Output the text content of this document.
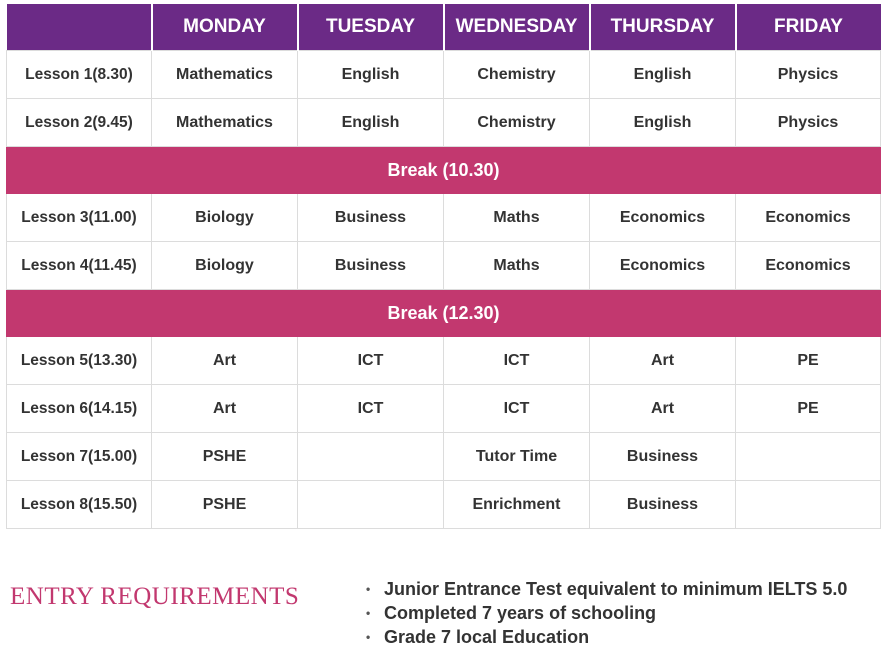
	MONDAY	TUESDAY	WEDNESDAY	THURSDAY	FRIDAY
Lesson 1(8.30)	Mathematics	English	Chemistry	English	Physics
Lesson 2(9.45)	Mathematics	English	Chemistry	English	Physics
Break (10.30)					
Lesson 3(11.00)	Biology	Business	Maths	Economics	Economics
Lesson 4(11.45)	Biology	Business	Maths	Economics	Economics
Break (12.30)					
Lesson 5(13.30)	Art	ICT	ICT	Art	PE
Lesson 6(14.15)	Art	ICT	ICT	Art	PE
Lesson 7(15.00)	PSHE		Tutor Time	Business	
Lesson 8(15.50)	PSHE		Enrichment	Business	
ENTRY REQUIREMENTS	• Junior Entrance Test equivalent to minimum IELTS 5.0
• Completed 7 years of schooling
• Grade 7 local Education
